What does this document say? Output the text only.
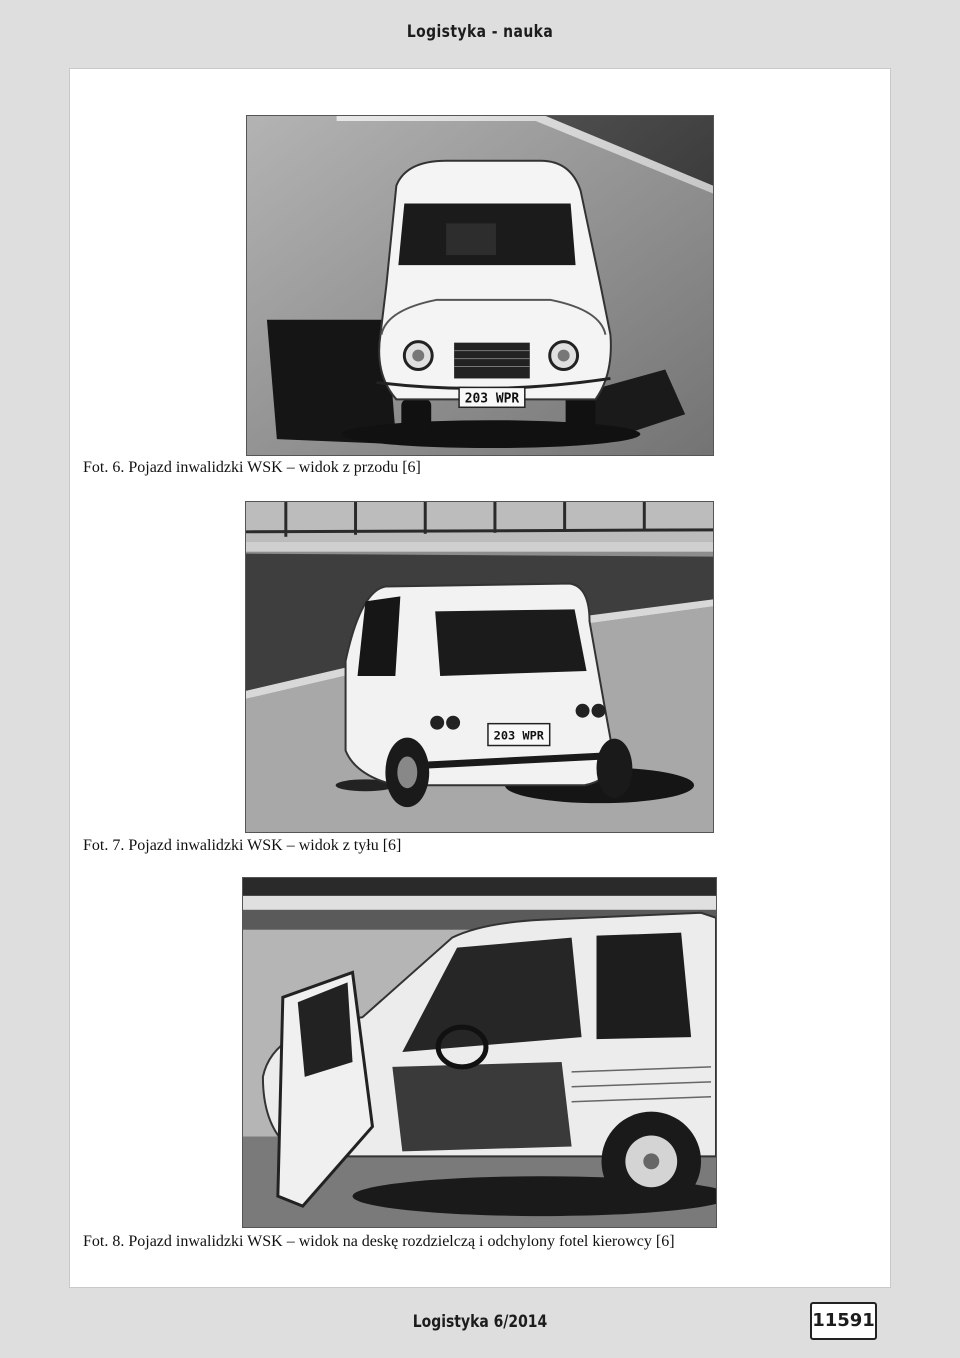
Logistyka - nauka
203 WPR
Fot. 6. Pojazd inwalidzki WSK – widok z przodu [6]
203 WPR
Fot. 7. Pojazd inwalidzki WSK – widok z tyłu [6]
Fot. 8. Pojazd inwalidzki WSK – widok na deskę rozdzielczą i odchylony fotel kierowcy [6]
Logistyka 6/2014	11591
